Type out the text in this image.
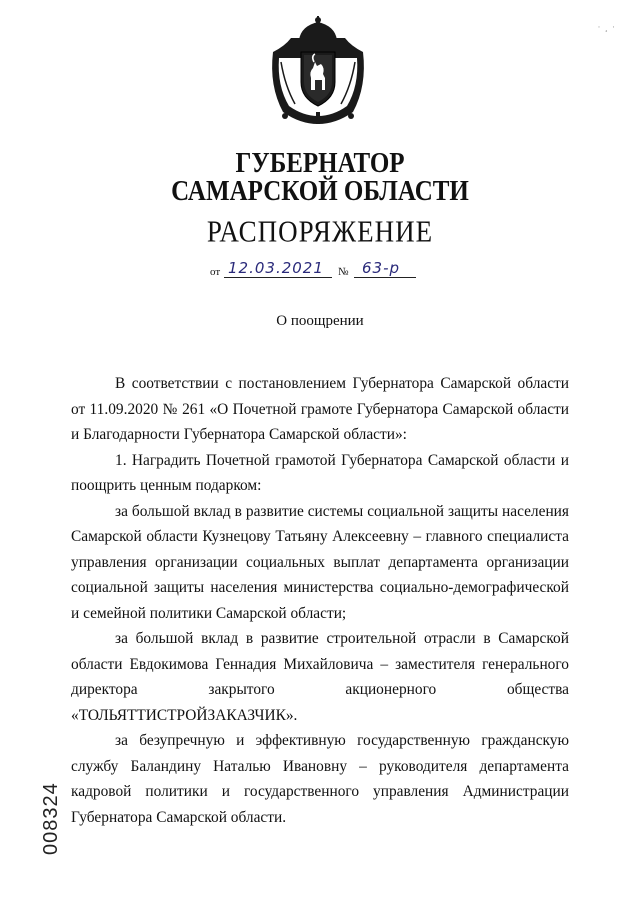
· ¸ ·
ГУБЕРНАТОР
САМАРСКОЙ ОБЛАСТИ
РАСПОРЯЖЕНИЕ
от 12.03.2021 № 63-р
О поощрении

В соответствии с постановлением Губернатора Самарской области от 11.09.2020 № 261 «О Почетной грамоте Губернатора Самарской области и Благодарности Губернатора Самарской области»:

1. Наградить Почетной грамотой Губернатора Самарской области и поощрить ценным подарком:

за большой вклад в развитие системы социальной защиты населения Самарской области Кузнецову Татьяну Алексеевну – главного специалиста управления организации социальных выплат департамента организации социальной защиты населения министерства социально-демографической и семейной политики Самарской области;

за большой вклад в развитие строительной отрасли в Самарской области Евдокимова Геннадия Михайловича – заместителя генерального директора закрытого акционерного общества «ТОЛЬЯТТИСТРОЙЗАКАЗЧИК».

за безупречную и эффективную государственную гражданскую службу Баландину Наталью Ивановну – руководителя департамента кадровой политики и государственного управления Администрации Губернатора Самарской области.

008324
